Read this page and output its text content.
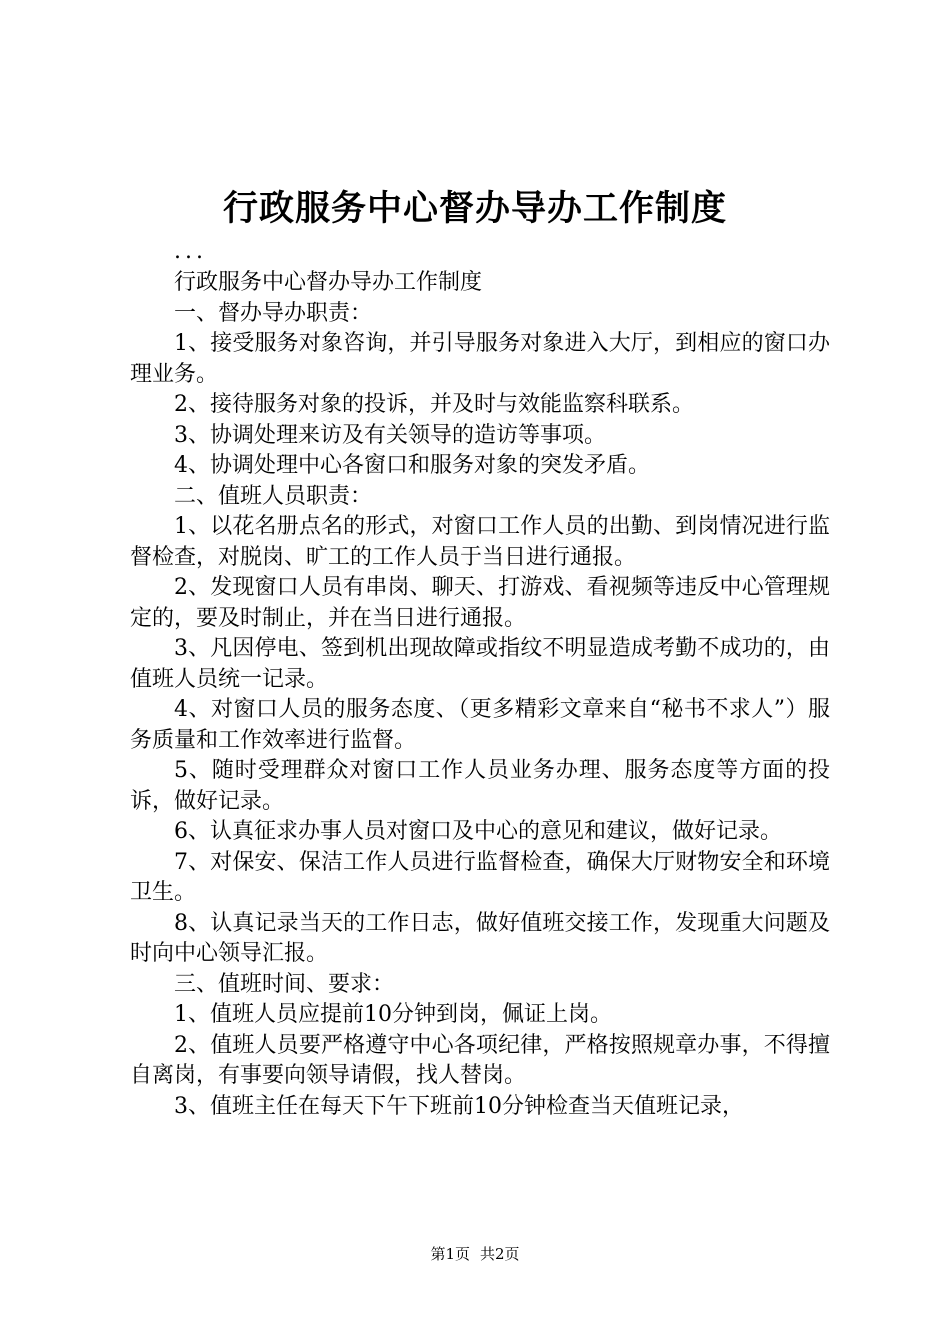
行政服务中心督办导办工作制度

...

行政服务中心督办导办工作制度

一、督办导办职责：

1、接受服务对象咨询，并引导服务对象进入大厅，到相应的窗口办理业务。

2、接待服务对象的投诉，并及时与效能监察科联系。

3、协调处理来访及有关领导的造访等事项。

4、协调处理中心各窗口和服务对象的突发矛盾。

二、值班人员职责：

1、以花名册点名的形式，对窗口工作人员的出勤、到岗情况进行监督检查，对脱岗、旷工的工作人员于当日进行通报。

2、发现窗口人员有串岗、聊天、打游戏、看视频等违反中心管理规定的，要及时制止，并在当日进行通报。

3、凡因停电、签到机出现故障或指纹不明显造成考勤不成功的，由值班人员统一记录。

4、对窗口人员的服务态度、（更多精彩文章来自“秘书不求人”）服务质量和工作效率进行监督。

5、随时受理群众对窗口工作人员业务办理、服务态度等方面的投诉，做好记录。

6、认真征求办事人员对窗口及中心的意见和建议，做好记录。

7、对保安、保洁工作人员进行监督检查，确保大厅财物安全和环境卫生。

8、认真记录当天的工作日志，做好值班交接工作，发现重大问题及时向中心领导汇报。

三、值班时间、要求：

1、值班人员应提前10分钟到岗，佩证上岗。

2、值班人员要严格遵守中心各项纪律，严格按照规章办事，不得擅自离岗，有事要向领导请假，找人替岗。

3、值班主任在每天下午下班前10分钟检查当天值班记录，

第1页 共2页
